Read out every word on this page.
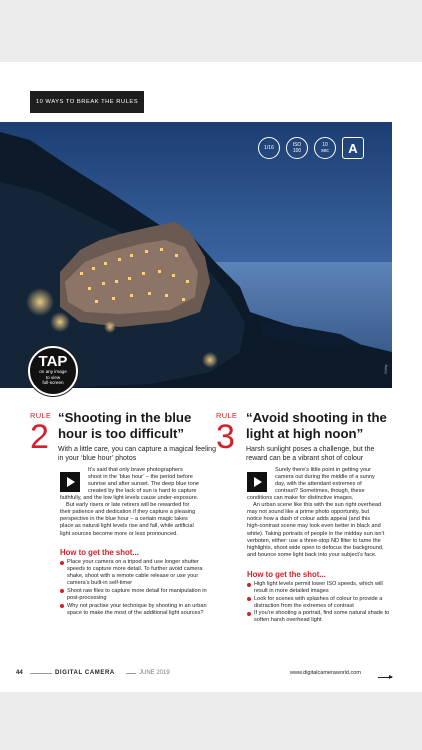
10 WAYS TO BREAK THE RULES
1/16	ISO 100
10 sec	A
Getty
TAP
on any image
to view
full-screen
RULE
2
“Shooting in the blue
hour is too difficult”
With a little care, you can capture a magical feeling in your ‘blue hour’ photos
It’s said that only brave photographers
shoot in the ‘blue hour’ – the period before
sunrise and after sunset. The deep blue tone
created by the lack of sun is hard to capture
faithfully, and the low light levels cause under-exposure.
But early risers or late retirers will be rewarded for
their patience and dedication if they capture a pleasing
perspective in the blue hour – a certain magic takes
place as natural light levels rise and fall, while artificial
light sources become more or less pronounced.
How to get the shot...
Place your camera on a tripod and use longer shutter speeds to capture more detail. To further avoid camera shake, shoot with a remote cable release or use your camera’s built-in self-timer
Shoot raw files to capture more detail for manipulation in post-processing
Why not practise your technique by shooting in an urban space to make the most of the additional light sources?
RULE
3
“Avoid shooting in the
light at high noon”
Harsh sunlight poses a challenge, but the reward can be a vibrant shot of colour
Surely there’s little point in getting your
camera out during the middle of a sunny
day, with the attendant extremes of
contrast? Sometimes, though, these
conditions can make for distinctive images.
An urban scene like this with the sun right overhead
may not sound like a prime photo opportunity, but
notice how a dash of colour adds appeal (and this
high-contrast scene may look even better in black and
white). Taking portraits of people in the midday sun isn’t
verboten, either: use a three-stop ND filter to tame the
highlights, shoot wide open to defocus the background,
and bounce some light back into your subject’s face.
How to get the shot...
High light levels permit lower ISO speeds, which will result in more detailed images
Look for scenes with splashes of colour to provide a distraction from the extremes of contrast
If you’re shooting a portrait, find some natural shade to soften harsh overhead light
44	DIGITAL CAMERA	JUNE 2019	www.digitalcameraworld.com
